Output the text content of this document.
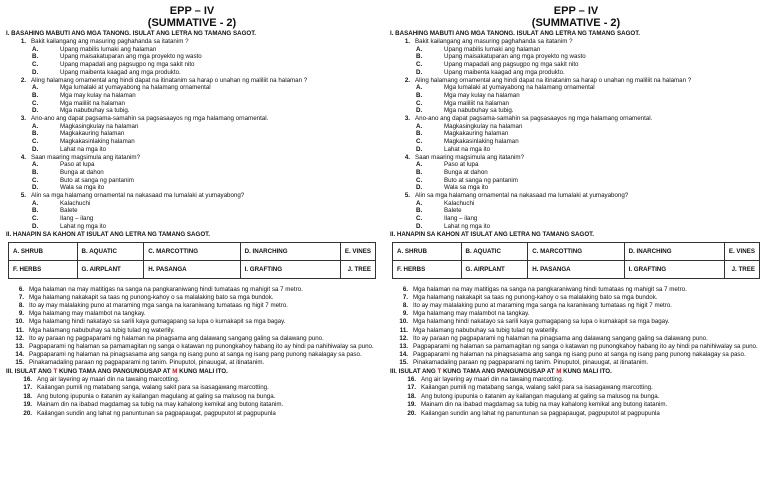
EPP – IV
(SUMMATIVE - 2)
I. BASAHING MABUTI ANG MGA TANONG. ISULAT ANG LETRA NG TAMANG SAGOT.
1. Bakit kailangang ang masuring paghahanda sa itatanim ?
A.	Upang mabilis lumaki ang halaman
B.	Upang maisakatuparan ang mga proyekto ng wasto
C.	Upang mapadali ang pagsugpo ng mga sakit nito
D.	Upang maibenta kaagad ang mga produkto.
2. Aling halamang ornamental ang hindi dapat na itinatanim sa harap o unahan ng maliliit na halaman ?
A.	Mga lumalaki at yumayabong na halamang ornamental
B.	Mga may kulay na halaman
C.	Mga maliliit na halaman
D.	Mga nabubuhay sa tubig.
3. Ano-ano ang dapat pagsama-samahin sa pagsasaayos ng mga halamang ornamental.
A.	Magkasingkulay na halaman
B.	Magkakauring halaman
C.	Magkakasinlaking halaman
D.	Lahat na mga ito
4. Saan maaring magsimula ang itatanim?
A.	Paso at lupa
B.	Bunga at dahon
C.	Buto at sanga ng pantanim
D.	Wala sa mga ito
5. Alin sa mga halamang ornamental na nakasaad ma lumalaki at yumayabong?
A.	Kalachuchi
B.	Balete
C.	Ilang – ilang
D.	Lahat ng mga ito
II. HANAPIN SA KAHON AT ISULAT ANG LETRA NG TAMANG SAGOT.
A. SHRUB	B. AQUATIC	C. MARCOTTING	D. INARCHING	E. VINES
F. HERBS	G. AIRPLANT	H. PASANGA	I. GRAFTING	J. TREE
6. Mga halaman na may matitigas na sanga na pangkaraniwang hindi tumataas ng mahigit sa 7 metro.
7. Mga halamang nakakapit sa taas ng punong-kahoy o sa malalaking bato sa mga bundok.
8. Ito ay may malalaking puno at maraming mga sanga na karaniwang tumataas ng higit 7 metro.
9. Mga halamang may malambot na tangkay.
10. Mga halamang hindi nakatayo sa sarili kaya gumagapang sa lupa o kumakapit sa mga bagay.
11. Mga halamang nabubuhay sa tubig tulad ng waterlily.
12. Ito ay paraan ng pagpaparami ng halaman na pinagsama ang dalawang sangang galing sa dalawang puno.
13. Pagpaparami ng halaman sa pamamagitan ng sanga o katawan ng punongkahoy habang ito ay hindi pa nahihiwalay sa puno.
14. Pagpaparami ng halaman na pinagsasama ang sanga ng isang puno at sanga ng isang pang punong nakalagay sa paso.
15. Pinakamadaling paraan ng pagpaparami ng tanim. Pinuputol, pinauugat, at itinatanim.
III. ISULAT ANG T KUNG TAMA ANG PANGUNGUSAP AT M KUNG MALI ITO.
16. Ang air layering ay maari din na tawaing marcotting.
17. Kailangan pumili ng matabang sanga, walang sakit para sa isasagawang marcotting.
18. Ang butong ipupunla o itatanim ay kailangan magulang at galing sa malusog na bunga.
19. Mainam din na ibabad magdamag sa tubig na may kahalong kemikal ang butong itatanim.
20. Kailangan sundin ang lahat ng panuntunan sa pagpapaugat, pagpuputol at pagpupunla
EPP – IV
(SUMMATIVE - 2)
I. BASAHING MABUTI ANG MGA TANONG. ISULAT ANG LETRA NG TAMANG SAGOT.
1. Bakit kailangang ang masuring paghahanda sa itatanim ?
A.	Upang mabilis lumaki ang halaman
B.	Upang maisakatuparan ang mga proyekto ng wasto
C.	Upang mapadali ang pagsugpo ng mga sakit nito
D.	Upang maibenta kaagad ang mga produkto.
2. Aling halamang ornamental ang hindi dapat na itinatanim sa harap o unahan ng maliliit na halaman ?
A.	Mga lumalaki at yumayabong na halamang ornamental
B.	Mga may kulay na halaman
C.	Mga maliliit na halaman
D.	Mga nabubuhay sa tubig.
3. Ano-ano ang dapat pagsama-samahin sa pagsasaayos ng mga halamang ornamental.
A.	Magkasingkulay na halaman
B.	Magkakauring halaman
C.	Magkakasinlaking halaman
D.	Lahat na mga ito
4. Saan maaring magsimula ang itatanim?
A.	Paso at lupa
B.	Bunga at dahon
C.	Buto at sanga ng pantanim
D.	Wala sa mga ito
5. Alin sa mga halamang ornamental na nakasaad ma lumalaki at yumayabong?
A.	Kalachuchi
B.	Balete
C.	Ilang – ilang
D.	Lahat ng mga ito
II. HANAPIN SA KAHON AT ISULAT ANG LETRA NG TAMANG SAGOT.
A. SHRUB	B. AQUATIC	C. MARCOTTING	D. INARCHING	E. VINES
F. HERBS	G. AIRPLANT	H. PASANGA	I. GRAFTING	J. TREE
6. Mga halaman na may matitigas na sanga na pangkaraniwang hindi tumataas ng mahigit sa 7 metro.
7. Mga halamang nakakapit sa taas ng punong-kahoy o sa malalaking bato sa mga bundok.
8. Ito ay may malalaking puno at maraming mga sanga na karaniwang tumataas ng higit 7 metro.
9. Mga halamang may malambot na tangkay.
10. Mga halamang hindi nakatayo sa sarili kaya gumagapang sa lupa o kumakapit sa mga bagay.
11. Mga halamang nabubuhay sa tubig tulad ng waterlily.
12. Ito ay paraan ng pagpaparami ng halaman na pinagsama ang dalawang sangang galing sa dalawang puno.
13. Pagpaparami ng halaman sa pamamagitan ng sanga o katawan ng punongkahoy habang ito ay hindi pa nahihiwalay sa puno.
14. Pagpaparami ng halaman na pinagsasama ang sanga ng isang puno at sanga ng isang pang punong nakalagay sa paso.
15. Pinakamadaling paraan ng pagpaparami ng tanim. Pinuputol, pinauugat, at itinatanim.
III. ISULAT ANG T KUNG TAMA ANG PANGUNGUSAP AT M KUNG MALI ITO.
16. Ang air layering ay maari din na tawaing marcotting.
17. Kailangan pumili ng matabang sanga, walang sakit para sa isasagawang marcotting.
18. Ang butong ipupunla o itatanim ay kailangan magulang at galing sa malusog na bunga.
19. Mainam din na ibabad magdamag sa tubig na may kahalong kemikal ang butong itatanim.
20. Kailangan sundin ang lahat ng panuntunan sa pagpapaugat, pagpuputol at pagpupunla
